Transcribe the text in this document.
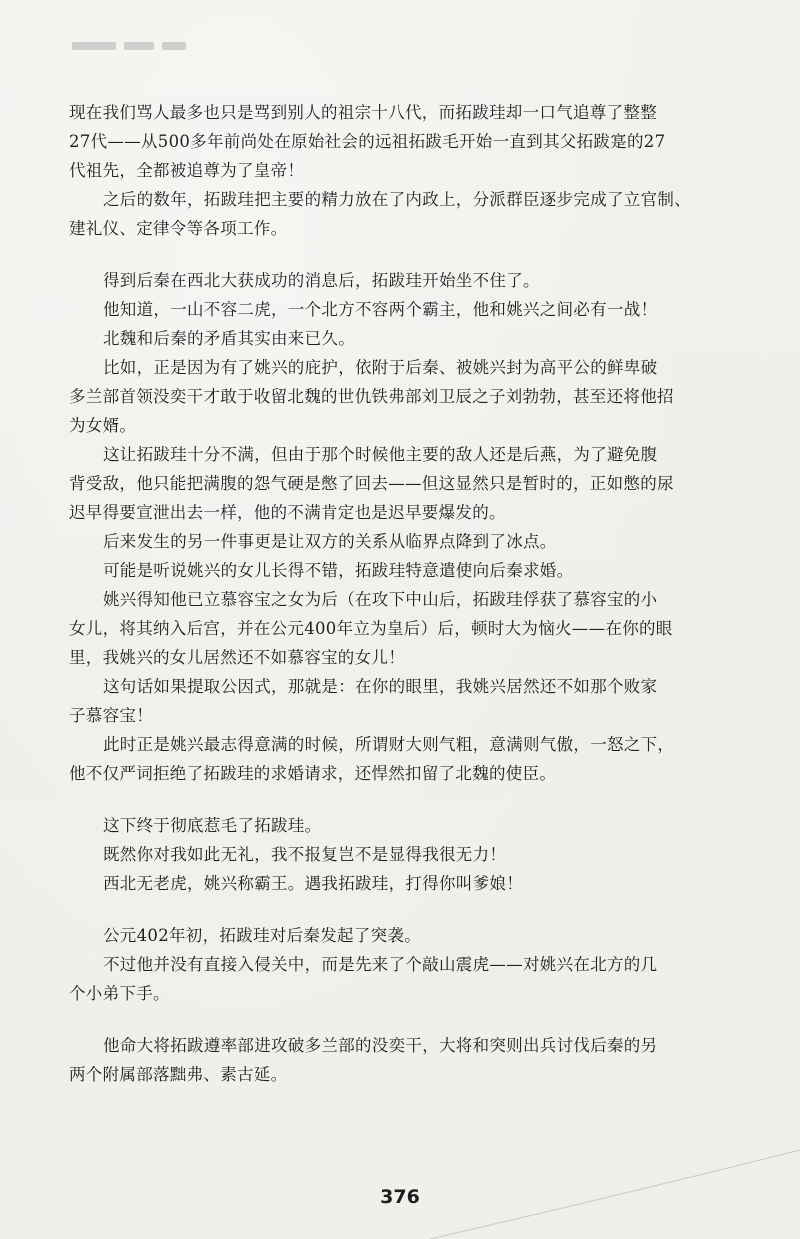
现在我们骂人最多也只是骂到别人的祖宗十八代，而拓跋珪却一口气追尊了整整
27代——从500多年前尚处在原始社会的远祖拓跋毛开始一直到其父拓跋寔的27
代祖先，全都被追尊为了皇帝！
之后的数年，拓跋珪把主要的精力放在了内政上，分派群臣逐步完成了立官制、
建礼仪、定律令等各项工作。
得到后秦在西北大获成功的消息后，拓跋珪开始坐不住了。
他知道，一山不容二虎，一个北方不容两个霸主，他和姚兴之间必有一战！
北魏和后秦的矛盾其实由来已久。
比如，正是因为有了姚兴的庇护，依附于后秦、被姚兴封为高平公的鲜卑破
多兰部首领没奕干才敢于收留北魏的世仇铁弗部刘卫辰之子刘勃勃，甚至还将他招
为女婿。
这让拓跋珪十分不满，但由于那个时候他主要的敌人还是后燕，为了避免腹
背受敌，他只能把满腹的怨气硬是憋了回去——但这显然只是暂时的，正如憋的尿
迟早得要宣泄出去一样，他的不满肯定也是迟早要爆发的。
后来发生的另一件事更是让双方的关系从临界点降到了冰点。
可能是听说姚兴的女儿长得不错，拓跋珪特意遣使向后秦求婚。
姚兴得知他已立慕容宝之女为后（在攻下中山后，拓跋珪俘获了慕容宝的小
女儿，将其纳入后宫，并在公元400年立为皇后）后，顿时大为恼火——在你的眼
里，我姚兴的女儿居然还不如慕容宝的女儿！
这句话如果提取公因式，那就是：在你的眼里，我姚兴居然还不如那个败家
子慕容宝！
此时正是姚兴最志得意满的时候，所谓财大则气粗，意满则气傲，一怒之下，
他不仅严词拒绝了拓跋珪的求婚请求，还悍然扣留了北魏的使臣。
这下终于彻底惹毛了拓跋珪。
既然你对我如此无礼，我不报复岂不是显得我很无力！
西北无老虎，姚兴称霸王。遇我拓跋珪，打得你叫爹娘！
公元402年初，拓跋珪对后秦发起了突袭。
不过他并没有直接入侵关中，而是先来了个敲山震虎——对姚兴在北方的几
个小弟下手。
他命大将拓跋遵率部进攻破多兰部的没奕干，大将和突则出兵讨伐后秦的另
两个附属部落黜弗、素古延。
376
